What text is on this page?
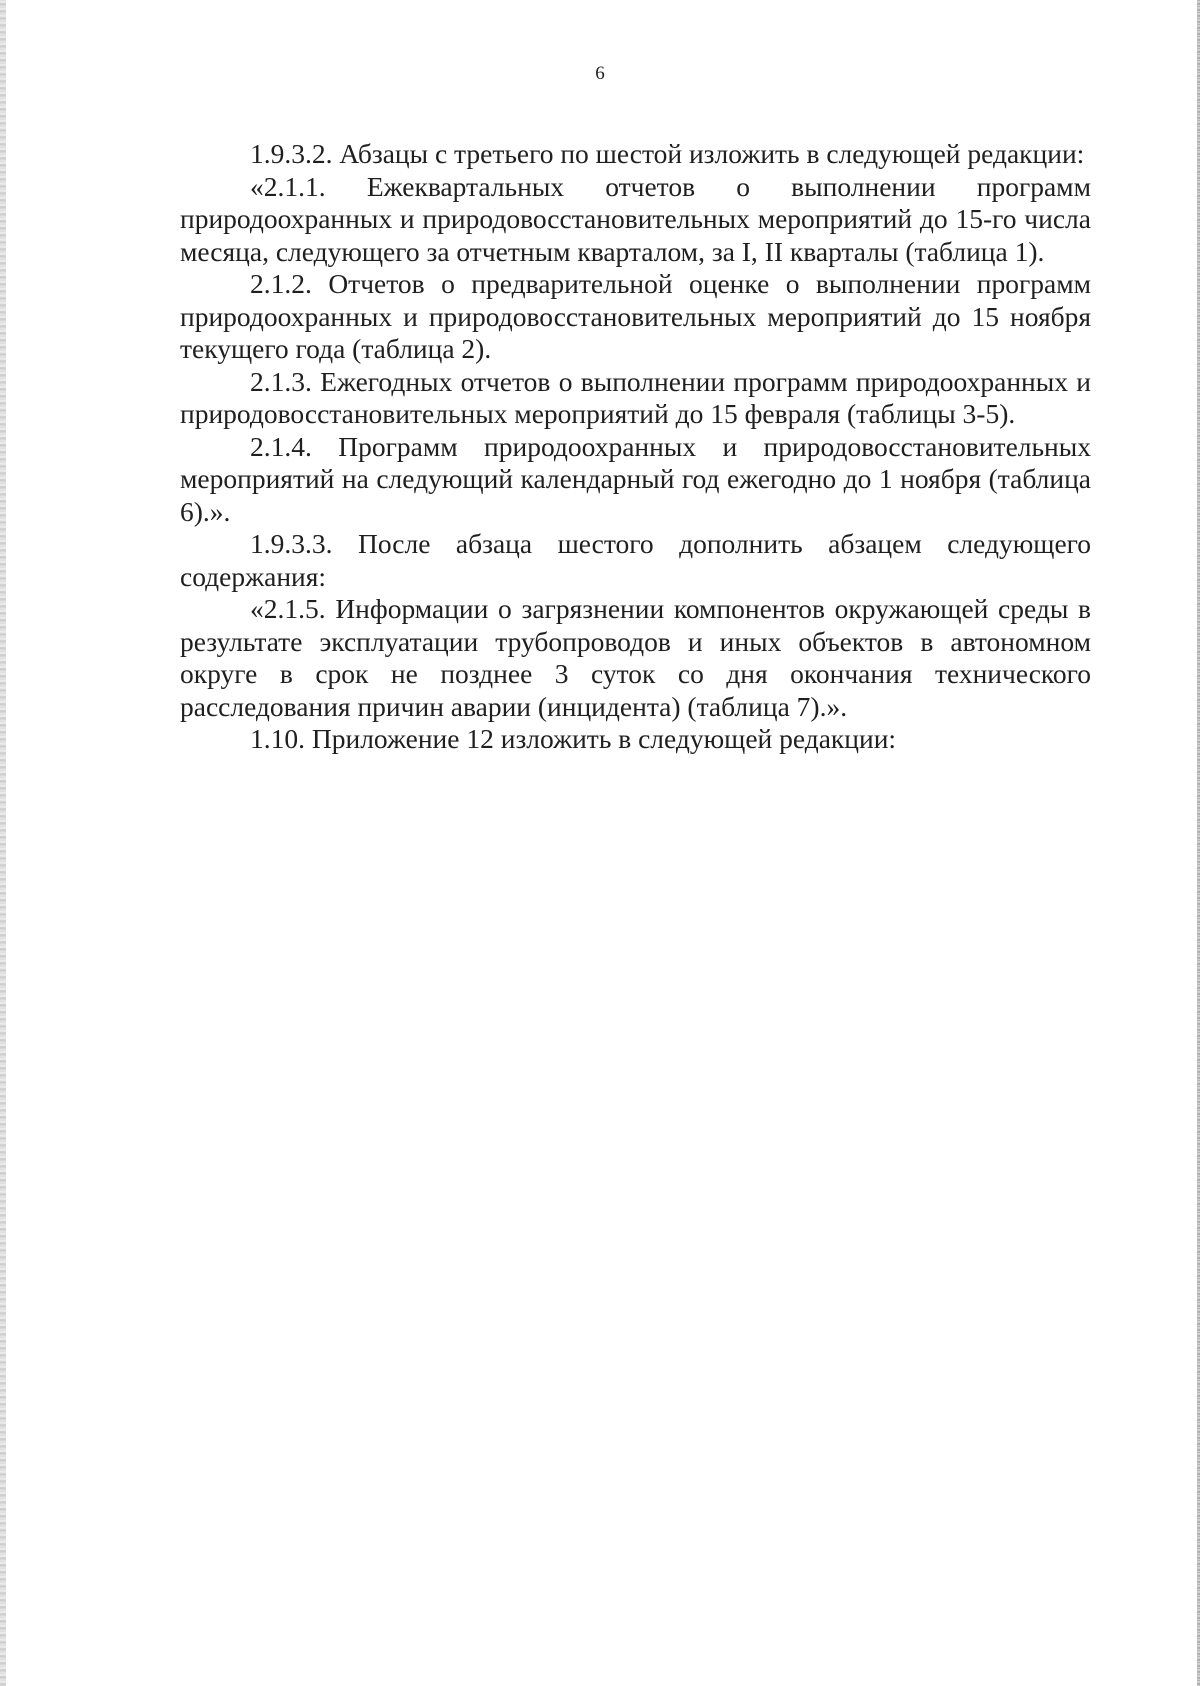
6

1.9.3.2. Абзацы с третьего по шестой изложить в следующей редакции:

«2.1.1. Ежеквартальных отчетов о выполнении программ природоохранных и природовосстановительных мероприятий до 15-го числа месяца, следующего за отчетным кварталом, за I, II кварталы (таблица 1).

2.1.2. Отчетов о предварительной оценке о выполнении программ природоохранных и природовосстановительных мероприятий до 15 ноября текущего года (таблица 2).

2.1.3. Ежегодных отчетов о выполнении программ природоохранных и природовосстановительных мероприятий до 15 февраля (таблицы 3-5).

2.1.4. Программ природоохранных и природовосстановительных мероприятий на следующий календарный год ежегодно до 1 ноября (таблица 6).».

1.9.3.3. После абзаца шестого дополнить абзацем следующего содержания:

«2.1.5. Информации о загрязнении компонентов окружающей среды в результате эксплуатации трубопроводов и иных объектов в автономном округе в срок не позднее 3 суток со дня окончания технического расследования причин аварии (инцидента) (таблица 7).».

1.10. Приложение 12 изложить в следующей редакции:
